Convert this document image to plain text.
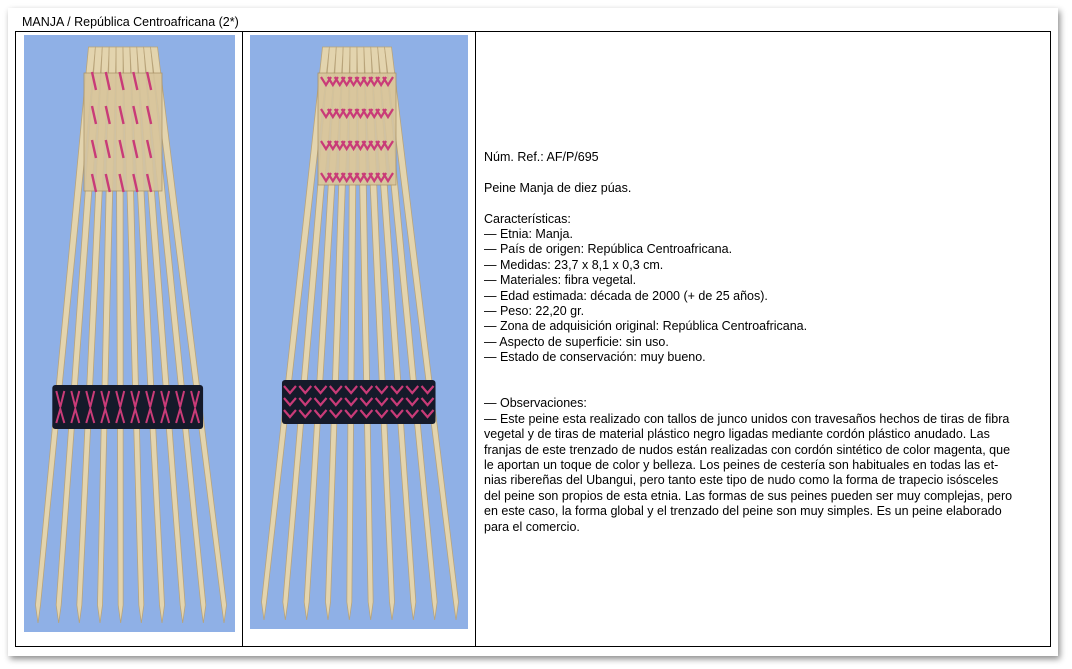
MANJA / República Centroafricana (2*)

Núm. Ref.: AF/P/695

Peine Manja de diez púas.

Características:

— Etnia: Manja.

— País de origen: República Centroafricana.

— Medidas: 23,7 x 8,1 x 0,3 cm.

— Materiales: fibra vegetal.

— Edad estimada: década de 2000 (+ de 25 años).

— Peso: 22,20 gr.

— Zona de adquisición original: República Centroafricana.

— Aspecto de superficie: sin uso.

— Estado de conservación: muy bueno.

— Observaciones:

— Este peine esta realizado con tallos de junco unidos con travesaños hechos de tiras de fibra

vegetal y de tiras de material plástico negro ligadas mediante cordón plástico anudado. Las

franjas de este trenzado de nudos están realizadas con cordón sintético de color magenta, que

le aportan un toque de color y belleza. Los peines de cestería son habituales en todas las et-

nias ribereñas del Ubangui, pero tanto este tipo de nudo como la forma de trapecio isósceles

del peine son propios de esta etnia. Las formas de sus peines pueden ser muy complejas, pero

en este caso, la forma global y el trenzado del peine son muy simples. Es un peine elaborado

para el comercio.
